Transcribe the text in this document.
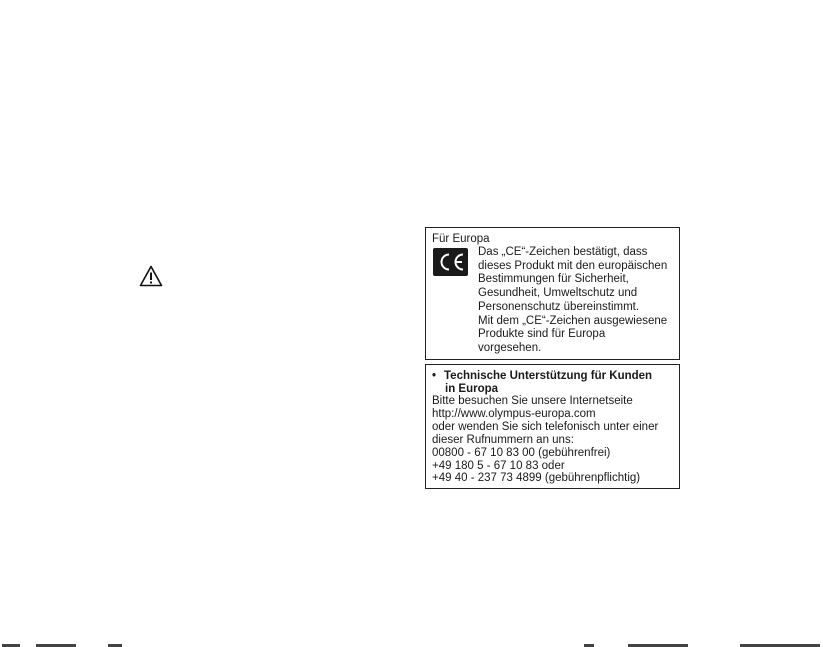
Für Europa
Das „CE“-Zeichen bestätigt, dass
dieses Produkt mit den europäischen
Bestimmungen für Sicherheit,
Gesundheit, Umweltschutz und
Personenschutz übereinstimmt.
Mit dem „CE“-Zeichen ausgewiesene
Produkte sind für Europa
vorgesehen.
• Technische Unterstützung für Kunden
in Europa
Bitte besuchen Sie unsere Internetseite
http://www.olympus-europa.com
oder wenden Sie sich telefonisch unter einer
dieser Rufnummern an uns:
00800 - 67 10 83 00 (gebührenfrei)
+49 180 5 - 67 10 83 oder
+49 40 - 237 73 4899 (gebührenpflichtig)
